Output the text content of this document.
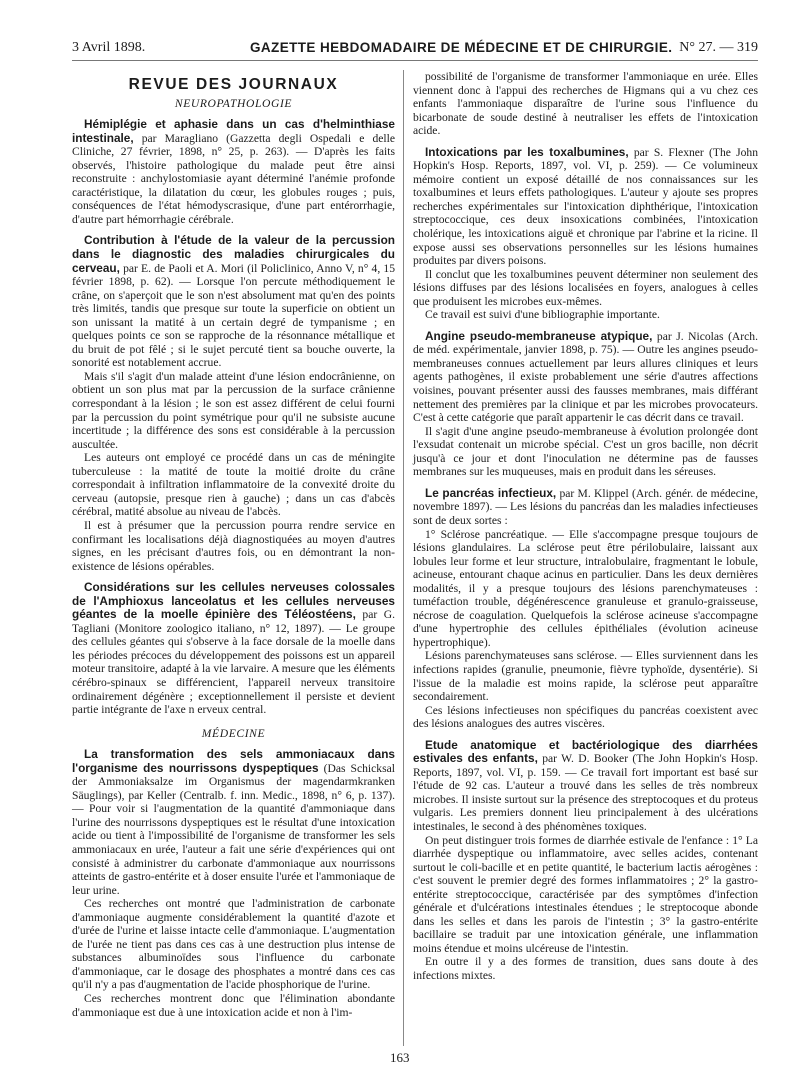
3 Avril 1898.	GAZETTE HEBDOMADAIRE DE MÉDECINE ET DE CHIRURGIE. N° 27. — 319
REVUE DES JOURNAUX
NEUROPATHOLOGIE

Hémiplégie et aphasie dans un cas d'helminthiase intestinale, par Maragliano (Gazzetta degli Ospedali e delle Cliniche, 27 février, 1898, n° 25, p. 263). — D'après les faits observés, l'histoire pathologique du malade peut être ainsi reconstruite : anchylostomiasie ayant déterminé l'anémie profonde caractéristique, la dilatation du cœur, les globules rouges ; puis, conséquences de l'état hémodyscrasique, d'une part entérorrhagie, d'autre part hémorrhagie cérébrale.

Contribution à l'étude de la valeur de la percussion dans le diagnostic des maladies chirurgicales du cerveau, par E. de Paoli et A. Mori (il Policlinico, Anno V, n° 4, 15 février 1898, p. 62). — Lorsque l'on percute méthodiquement le crâne, on s'aperçoit que le son n'est absolument mat qu'en des points très limités, tandis que presque sur toute la superficie on obtient un son unissant la matité à un certain degré de tympanisme ; en quelques points ce son se rapproche de la résonnance métallique et du bruit de pot fêlé ; si le sujet percuté tient sa bouche ouverte, la sonorité est notablement accrue.

Mais s'il s'agit d'un malade atteint d'une lésion endocrânienne, on obtient un son plus mat par la percussion de la surface crânienne correspondant à la lésion ; le son est assez différent de celui fourni par la percussion du point symétrique pour qu'il ne subsiste aucune incertitude ; la différence des sons est considérable à la percussion auscultée.

Les auteurs ont employé ce procédé dans un cas de méningite tuberculeuse : la matité de toute la moitié droite du crâne correspondait à infiltration inflammatoire de la convexité droite du cerveau (autopsie, presque rien à gauche) ; dans un cas d'abcès cérébral, matité absolue au niveau de l'abcès.

Il est à présumer que la percussion pourra rendre service en confirmant les localisations déjà diagnostiquées au moyen d'autres signes, en les précisant d'autres fois, ou en démontrant la non-existence de lésions opérables.

Considérations sur les cellules nerveuses colossales de l'Amphioxus lanceolatus et les cellules nerveuses géantes de la moelle épinière des Téléostéens, par G. Tagliani (Monitore zoologico italiano, n° 12, 1897). — Le groupe des cellules géantes qui s'observe à la face dorsale de la moelle dans les périodes précoces du développement des poissons est un appareil moteur transitoire, adapté à la vie larvaire. A mesure que les éléments cérébro-spinaux se différencient, l'appareil nerveux transitoire ordinairement dégénère ; exceptionnellement il persiste et devient partie intégrante de l'axe n erveux central.

MÉDECINE

La transformation des sels ammoniacaux dans l'organisme des nourrissons dyspeptiques (Das Schicksal der Ammoniaksalze im Organismus der magendarmkranken Säuglings), par Keller (Centralb. f. inn. Medic., 1898, n° 6, p. 137). — Pour voir si l'augmentation de la quantité d'ammoniaque dans l'urine des nourrissons dyspeptiques est le résultat d'une intoxication acide ou tient à l'impossibilité de l'organisme de transformer les sels ammoniacaux en urée, l'auteur a fait une série d'expériences qui ont consisté à administrer du carbonate d'ammoniaque aux nourrissons atteints de gastro-entérite et à doser ensuite l'urée et l'ammoniaque de leur urine.

Ces recherches ont montré que l'administration de carbonate d'ammoniaque augmente considérablement la quantité d'azote et d'urée de l'urine et laisse intacte celle d'ammoniaque. L'augmentation de l'urée ne tient pas dans ces cas à une destruction plus intense de substances albuminoïdes sous l'influence du carbonate d'ammoniaque, car le dosage des phosphates a montré dans ces cas qu'il n'y a pas d'augmentation de l'acide phosphorique de l'urine.

Ces recherches montrent donc que l'élimination abondante d'ammoniaque est due à une intoxication acide et non à l'im-

possibilité de l'organisme de transformer l'ammoniaque en urée. Elles viennent donc à l'appui des recherches de Higmans qui a vu chez ces enfants l'ammoniaque disparaître de l'urine sous l'influence du bicarbonate de soude destiné à neutraliser les effets de l'intoxication acide.

Intoxications par les toxalbumines, par S. Flexner (The John Hopkin's Hosp. Reports, 1897, vol. VI, p. 259). — Ce volumineux mémoire contient un exposé détaillé de nos connaissances sur les toxalbumines et leurs effets pathologiques. L'auteur y ajoute ses propres recherches expérimentales sur l'intoxication diphthérique, l'intoxication streptococcique, ces deux insoxications combinées, l'intoxication cholérique, les intoxications aiguë et chronique par l'abrine et la ricine. Il expose aussi ses observations personnelles sur les lésions humaines produites par divers poisons.

Il conclut que les toxalbumines peuvent déterminer non seulement des lésions diffuses par des lésions localisées en foyers, analogues à celles que produisent les microbes eux-mêmes.

Ce travail est suivi d'une bibliographie importante.

Angine pseudo-membraneuse atypique, par J. Nicolas (Arch. de méd. expérimentale, janvier 1898, p. 75). — Outre les angines pseudo-membraneuses connues actuellement par leurs allures cliniques et leurs agents pathogènes, il existe probablement une série d'autres affections voisines, pouvant présenter aussi des fausses membranes, mais différant nettement des premières par la clinique et par les microbes provocateurs. C'est à cette catégorie que paraît appartenir le cas décrit dans ce travail.

Il s'agit d'une angine pseudo-membraneuse à évolution prolongée dont l'exsudat contenait un microbe spécial. C'est un gros bacille, non décrit jusqu'à ce jour et dont l'inoculation ne détermine pas de fausses membranes sur les muqueuses, mais en produit dans les séreuses.

Le pancréas infectieux, par M. Klippel (Arch. génér. de médecine, novembre 1897). — Les lésions du pancréas dan les maladies infectieuses sont de deux sortes :

1° Sclérose pancréatique. — Elle s'accompagne presque toujours de lésions glandulaires. La sclérose peut être périlobulaire, laissant aux lobules leur forme et leur structure, intralobulaire, fragmentant le lobule, acineuse, entourant chaque acinus en particulier. Dans les deux dernières modalités, il y a presque toujours des lésions parenchymateuses : tuméfaction trouble, dégénérescence granuleuse et granulo-graisseuse, nécrose de coagulation. Quelquefois la sclérose acineuse s'accompagne d'une hypertrophie des cellules épithéliales (évolution acineuse hypertrophique).

Lésions parenchymateuses sans sclérose. — Elles surviennent dans les infections rapides (granulie, pneumonie, fièvre typhoïde, dysentérie). Si l'issue de la maladie est moins rapide, la sclérose peut apparaître secondairement.

Ces lésions infectieuses non spécifiques du pancréas coexistent avec des lésions analogues des autres viscères.

Etude anatomique et bactériologique des diarrhées estivales des enfants, par W. D. Booker (The John Hopkin's Hosp. Reports, 1897, vol. VI, p. 159. — Ce travail fort important est basé sur l'étude de 92 cas. L'auteur a trouvé dans les selles de très nombreux microbes. Il insiste surtout sur la présence des streptocoques et du proteus vulgaris. Les premiers donnent lieu principalement à des ulcérations intestinales, le second à des phénomènes toxiques.

On peut distinguer trois formes de diarrhée estivale de l'enfance : 1° La diarrhée dyspeptique ou inflammatoire, avec selles acides, contenant surtout le coli-bacille et en petite quantité, le bacterium lactis aérogènes : c'est souvent le premier degré des formes inflammatoires ; 2° la gastro-entérite streptococcique, caractérisée par des symptômes d'infection générale et d'ulcérations intestinales étendues ; le streptocoque abonde dans les selles et dans les parois de l'intestin ; 3° la gastro-entérite bacillaire se traduit par une intoxication générale, une inflammation moins étendue et moins ulcéreuse de l'intestin.

En outre il y a des formes de transition, dues sans doute à des infections mixtes.

163
